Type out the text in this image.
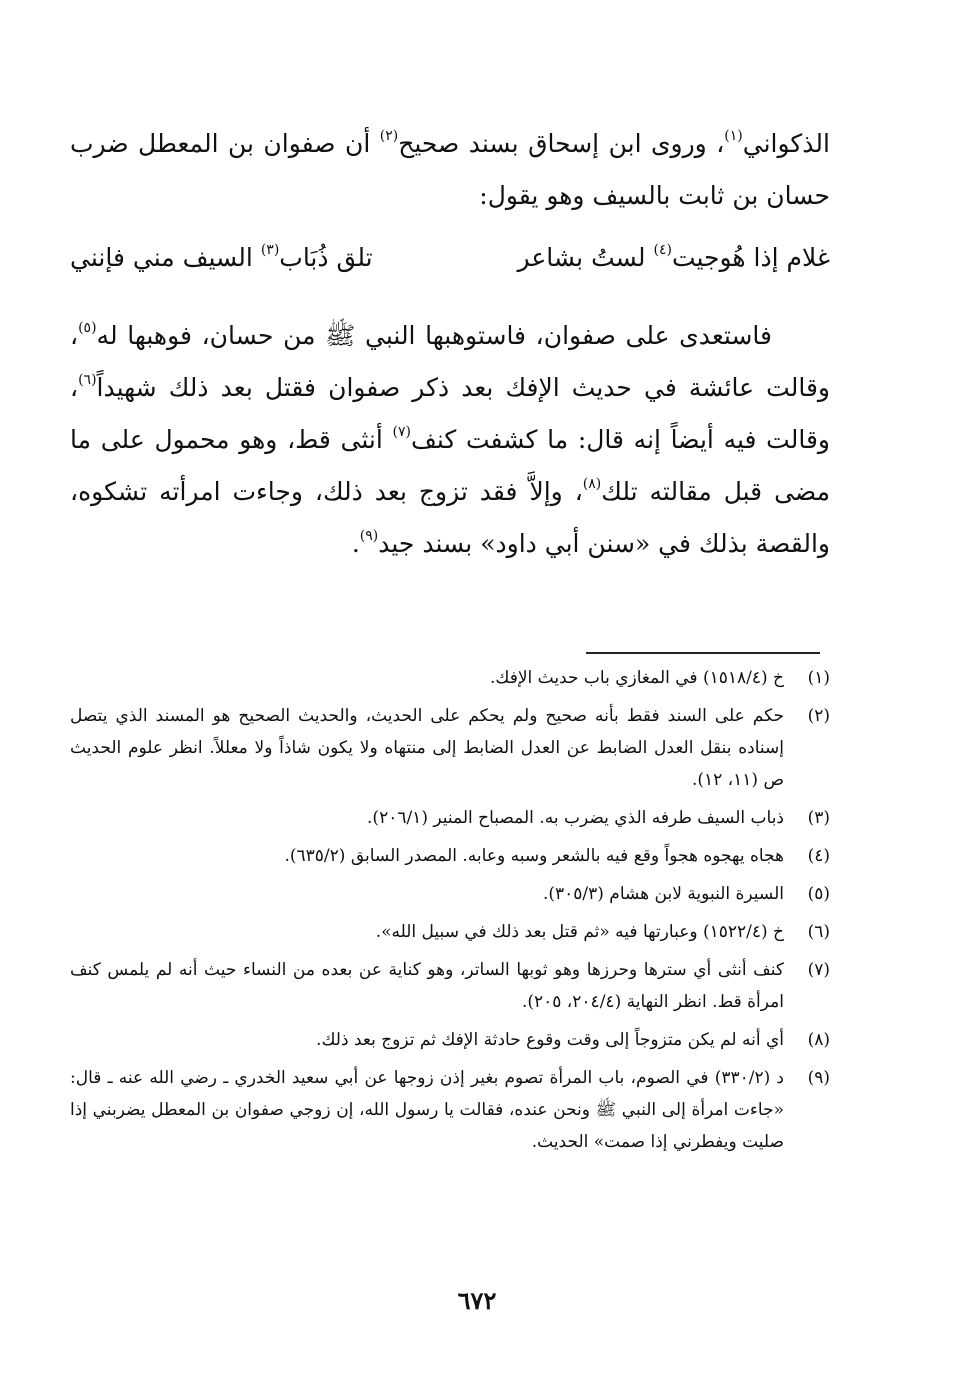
الذكواني$^{(١)}$، وروى ابن إسحاق بسند صحيح$^{(٢)}$ أن صفوان بن المعطل ضرب حسان بن ثابت بالسيف وهو يقول:

تلق ذُبَاب$^{(٣)}$ السيف مني فإنني	غلام إذا هُوجيت$^{(٤)}$ لستُ بشاعر

فاستعدى على صفوان، فاستوهبها النبي ﷺ من حسان، فوهبها له$^{(٥)}$، وقالت عائشة في حديث الإفك بعد ذكر صفوان فقتل بعد ذلك شهيداً$^{(٦)}$، وقالت فيه أيضاً إنه قال: ما كشفت كنف$^{(٧)}$ أنثى قط، وهو محمول على ما مضى قبل مقالته تلك$^{(٨)}$، وإلاَّ فقد تزوج بعد ذلك، وجاءت امرأته تشكوه، والقصة بذلك في «سنن أبي داود» بسند جيد$^{(٩)}$.

(١)
خ (١٥١٨/٤) في المغازي باب حديث الإفك.
(٢)
حكم على السند فقط بأنه صحيح ولم يحكم على الحديث، والحديث الصحيح هو المسند الذي يتصل إسناده بنقل العدل الضابط عن العدل الضابط إلى منتهاه ولا يكون شاذاً ولا معللاً. انظر علوم الحديث ص (١١، ١٢).
(٣)
ذباب السيف طرفه الذي يضرب به. المصباح المنير (٢٠٦/١).
(٤)
هجاه يهجوه هجواً وقع فيه بالشعر وسبه وعابه. المصدر السابق (٦٣٥/٢).
(٥)
السيرة النبوية لابن هشام (٣٠٥/٣).
(٦)
خ (١٥٢٢/٤) وعبارتها فيه «ثم قتل بعد ذلك في سبيل الله».
(٧)
كنف أنثى أي سترها وحرزها وهو ثوبها الساتر، وهو كناية عن بعده من النساء حيث أنه لم يلمس كنف امرأة قط. انظر النهاية (٢٠٤/٤، ٢٠٥).
(٨)
أي أنه لم يكن متزوجاً إلى وقت وقوع حادثة الإفك ثم تزوج بعد ذلك.
(٩)
د (٣٣٠/٢) في الصوم، باب المرأة تصوم بغير إذن زوجها عن أبي سعيد الخدري ـ رضي الله عنه ـ قال: «جاءت امرأة إلى النبي ﷺ ونحن عنده، فقالت يا رسول الله، إن زوجي صفوان بن المعطل يضربني إذا صليت ويفطرني إذا صمت» الحديث.
٦٧٢
